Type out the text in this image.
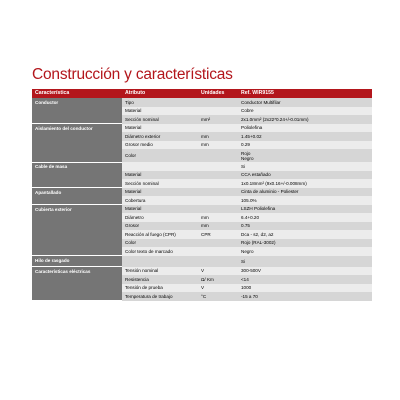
Construcción y características
Característica	Atributo	Unidades	Ref. WIR9155
Conductor	Tipo		Conductor Multifilar
	Material		Cobre
	Sección nominal	mm²	2x1.0mm² (2x22*0.24+/-0.01mm)
Aislamiento del conductor	Material		Poliolefina
	Diámetro exterior	mm	1.45+0.02
	Grosor medio	mm	0.29
	Color		Rojo
Negro

Cable de masa			Si
	Material		CCA estañado
	Sección nominal		1x0.18mm² (9x0.16+/-0.008mm)
Apantallado	Material		Cinta de aluminio - Poliester
	Cobertura		105.0%
Cubierta exterior	Material		LSZH Poliolefina
	Diámetro	mm	6.4+0.20
	Grosor	mm	0.75
	Reacción al fuego (CPR)	CPR	Dca - s2, d2, a2
	Color		Rojo (RAL-3002)
	Color texto de marcado		Negro
Hilo de rasgado			Si
Características eléctricas	Tensión nominal	V	300-500V
	Resistencia	Ω/ Km	<14
	Tensión de prueba	V	1000
	Temperatura de trabajo	°C	-15 a 70
